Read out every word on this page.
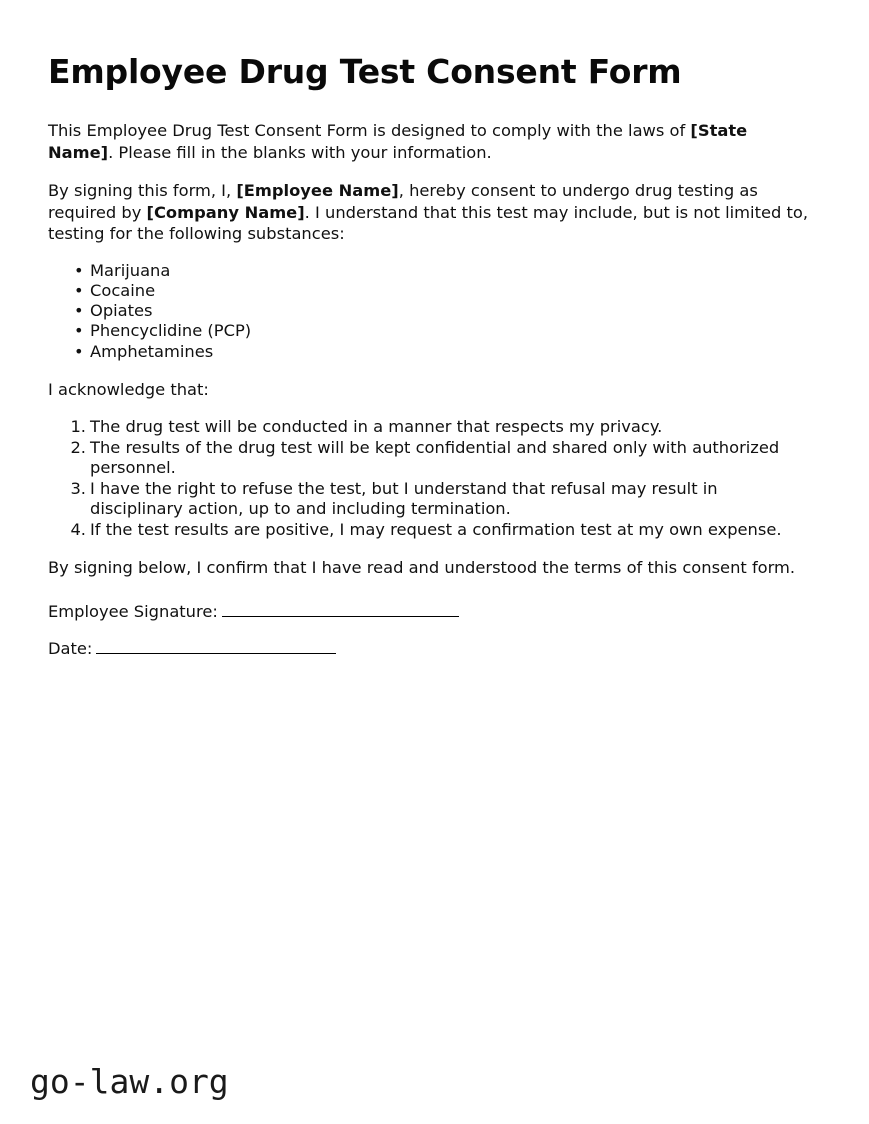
Employee Drug Test Consent Form

This Employee Drug Test Consent Form is designed to comply with the laws of [State Name]. Please fill in the blanks with your information.

By signing this form, I, [Employee Name], hereby consent to undergo drug testing as required by [Company Name]. I understand that this test may include, but is not limited to, testing for the following substances:

• Marijuana
• Cocaine
• Opiates
• Phencyclidine (PCP)
• Amphetamines

I acknowledge that:

1. The drug test will be conducted in a manner that respects my privacy.
2. The results of the drug test will be kept confidential and shared only with authorized personnel.
3. I have the right to refuse the test, but I understand that refusal may result in disciplinary action, up to and including termination.
4. If the test results are positive, I may request a confirmation test at my own expense.

By signing below, I confirm that I have read and understood the terms of this consent form.

Employee Signature:

Date:

go-law.org
